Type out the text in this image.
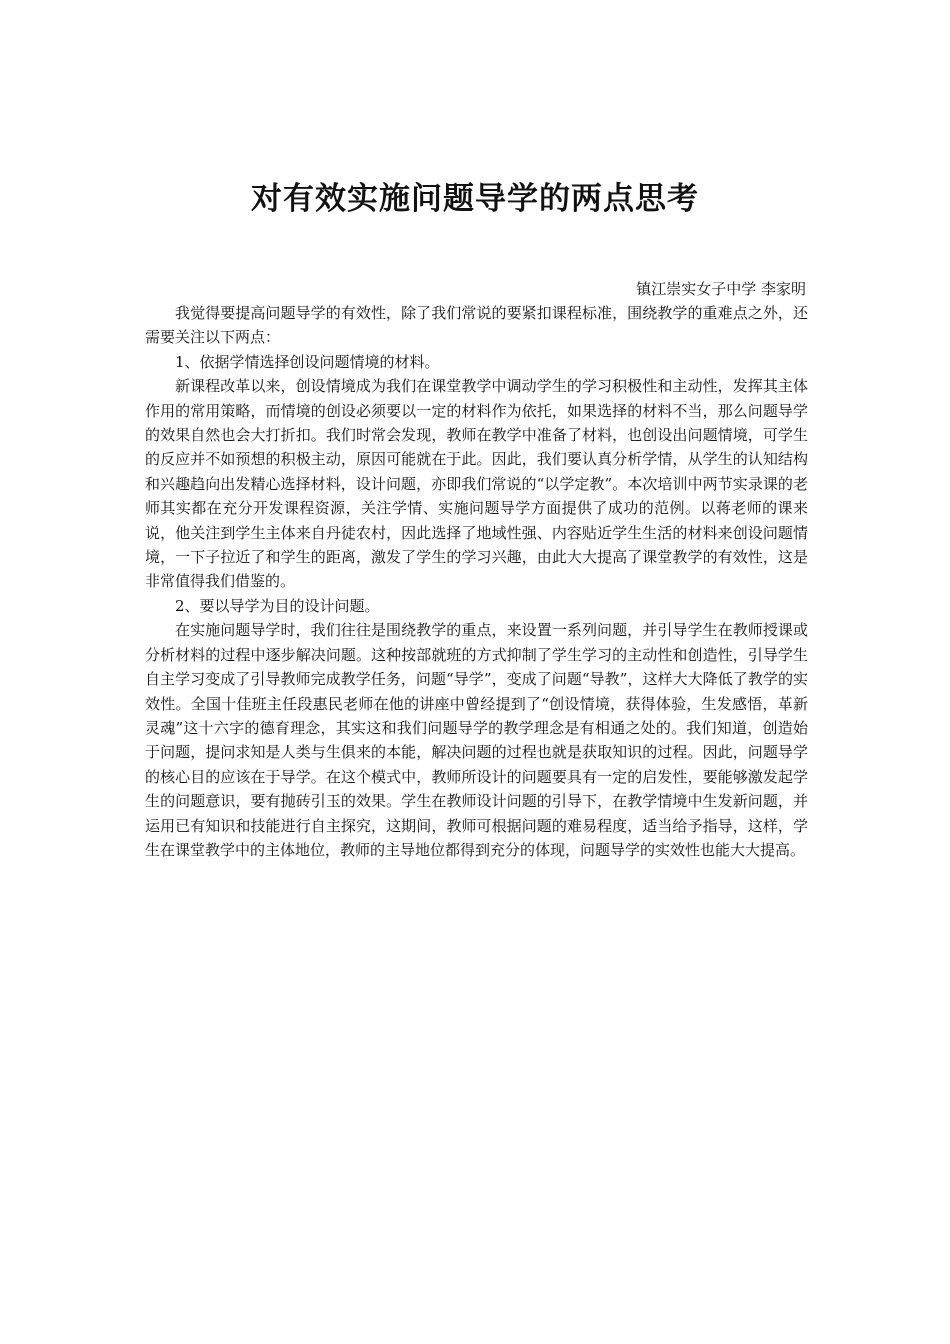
对有效实施问题导学的两点思考
镇江崇实女子中学 李家明

我觉得要提高问题导学的有效性，除了我们常说的要紧扣课程标准，围绕教学的重难点之外，还需要关注以下两点：

1、依据学情选择创设问题情境的材料。

新课程改革以来，创设情境成为我们在课堂教学中调动学生的学习积极性和主动性，发挥其主体作用的常用策略，而情境的创设必须要以一定的材料作为依托，如果选择的材料不当，那么问题导学的效果自然也会大打折扣。我们时常会发现，教师在教学中准备了材料，也创设出问题情境，可学生的反应并不如预想的积极主动，原因可能就在于此。因此，我们要认真分析学情，从学生的认知结构和兴趣趋向出发精心选择材料，设计问题，亦即我们常说的“以学定教”。本次培训中两节实录课的老师其实都在充分开发课程资源，关注学情、实施问题导学方面提供了成功的范例。以蒋老师的课来说，他关注到学生主体来自丹徒农村，因此选择了地域性强、内容贴近学生生活的材料来创设问题情境，一下子拉近了和学生的距离，激发了学生的学习兴趣，由此大大提高了课堂教学的有效性，这是非常值得我们借鉴的。

2、要以导学为目的设计问题。

在实施问题导学时，我们往往是围绕教学的重点，来设置一系列问题，并引导学生在教师授课或分析材料的过程中逐步解决问题。这种按部就班的方式抑制了学生学习的主动性和创造性，引导学生自主学习变成了引导教师完成教学任务，问题“导学”，变成了问题“导教”，这样大大降低了教学的实效性。全国十佳班主任段惠民老师在他的讲座中曾经提到了“创设情境，获得体验，生发感悟，革新灵魂”这十六字的德育理念，其实这和我们问题导学的教学理念是有相通之处的。我们知道，创造始于问题，提问求知是人类与生俱来的本能，解决问题的过程也就是获取知识的过程。因此，问题导学的核心目的应该在于导学。在这个模式中，教师所设计的问题要具有一定的启发性，要能够激发起学生的问题意识，要有抛砖引玉的效果。学生在教师设计问题的引导下，在教学情境中生发新问题，并运用已有知识和技能进行自主探究，这期间，教师可根据问题的难易程度，适当给予指导，这样，学生在课堂教学中的主体地位，教师的主导地位都得到充分的体现，问题导学的实效性也能大大提高。
